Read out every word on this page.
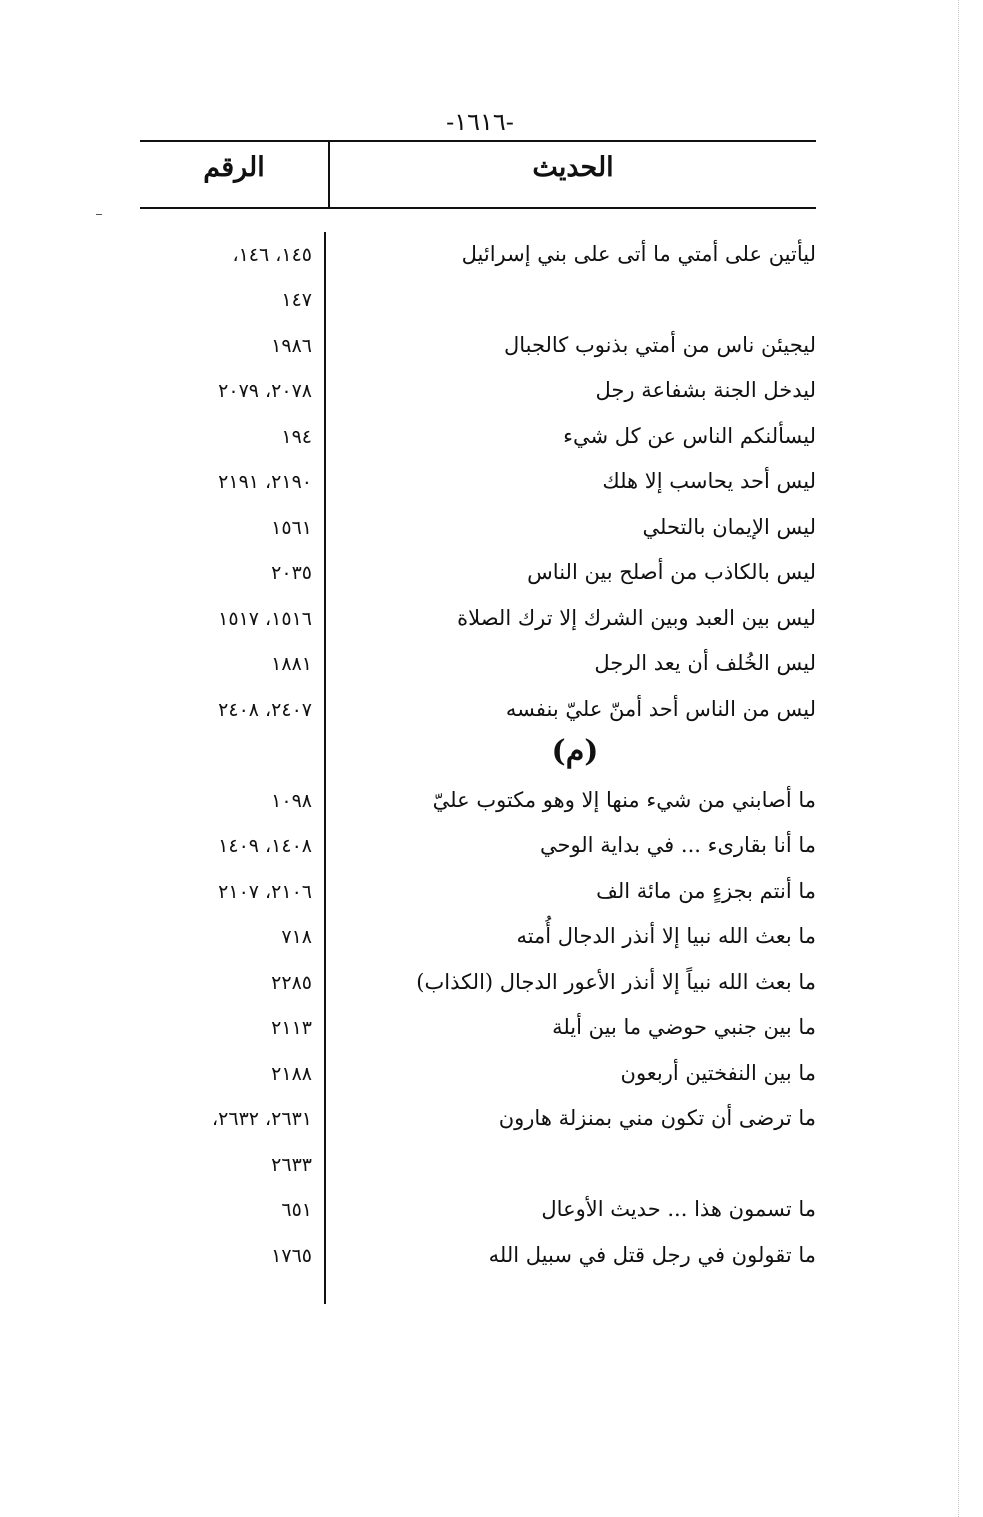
-١٦١٦-
الحديث
الرقم
ليأتين على أمتي ما أتى على بني إسرائيل
١٤٥، ١٤٦،
١٤٧
ليجيئن ناس من أمتي بذنوب كالجبال
١٩٨٦
ليدخل الجنة بشفاعة رجل
٢٠٧٨، ٢٠٧٩
ليسألنكم الناس عن كل شيء
١٩٤
ليس أحد يحاسب إلا هلك
٢١٩٠، ٢١٩١
ليس الإيمان بالتحلي
١٥٦١
ليس بالكاذب من أصلح بين الناس
٢٠٣٥
ليس بين العبد وبين الشرك إلا ترك الصلاة
١٥١٦، ١٥١٧
ليس الخُلف أن يعد الرجل
١٨٨١
ليس من الناس أحد أمنّ عليّ بنفسه
٢٤٠٧، ٢٤٠٨
(م)
ما أصابني من شيء منها إلا وهو مكتوب عليّ
١٠٩٨
ما أنا بقارىء ... في بداية الوحي
١٤٠٨، ١٤٠٩
ما أنتم بجزءٍ من مائة الف
٢١٠٦، ٢١٠٧
ما بعث الله نبيا إلا أنذر الدجال أُمته
٧١٨
ما بعث الله نبياً إلا أنذر الأعور الدجال (الكذاب)
٢٢٨٥
ما بين جنبي حوضي ما بين أيلة
٢١١٣
ما بين النفختين أربعون
٢١٨٨
ما ترضى أن تكون مني بمنزلة هارون
٢٦٣١، ٢٦٣٢،
٢٦٣٣
ما تسمون هذا ... حديث الأوعال
٦٥١
ما تقولون في رجل قتل في سبيل الله
١٧٦٥
